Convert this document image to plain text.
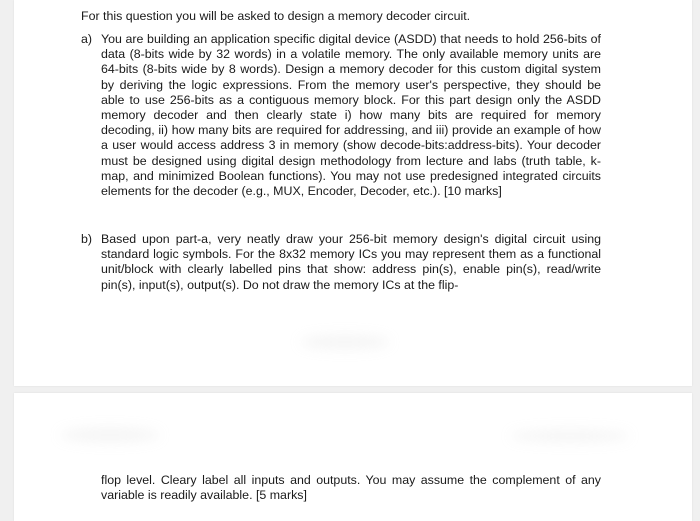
For this question you will be asked to design a memory decoder circuit.
a) You are building an application specific digital device (ASDD) that needs to hold 256-bits of data (8-bits wide by 32 words) in a volatile memory. The only available memory units are 64-bits (8-bits wide by 8 words). Design a memory decoder for this custom digital system by deriving the logic expressions. From the memory user's perspective, they should be able to use 256-bits as a contiguous memory block. For this part design only the ASDD memory decoder and then clearly state i) how many bits are required for memory decoding, ii) how many bits are required for addressing, and iii) provide an example of how a user would access address 3 in memory (show decode-bits:address-bits). Your decoder must be designed using digital design methodology from lecture and labs (truth table, k-map, and minimized Boolean functions). You may not use predesigned integrated circuits elements for the decoder (e.g., MUX, Encoder, Decoder, etc.). [10 marks]
b) Based upon part-a, very neatly draw your 256-bit memory design's digital circuit using standard logic symbols. For the 8x32 memory ICs you may represent them as a functional unit/block with clearly labelled pins that show: address pin(s), enable pin(s), read/write pin(s), input(s), output(s). Do not draw the memory ICs at the flip-
flop level. Cleary label all inputs and outputs. You may assume the complement of any variable is readily available. [5 marks]
